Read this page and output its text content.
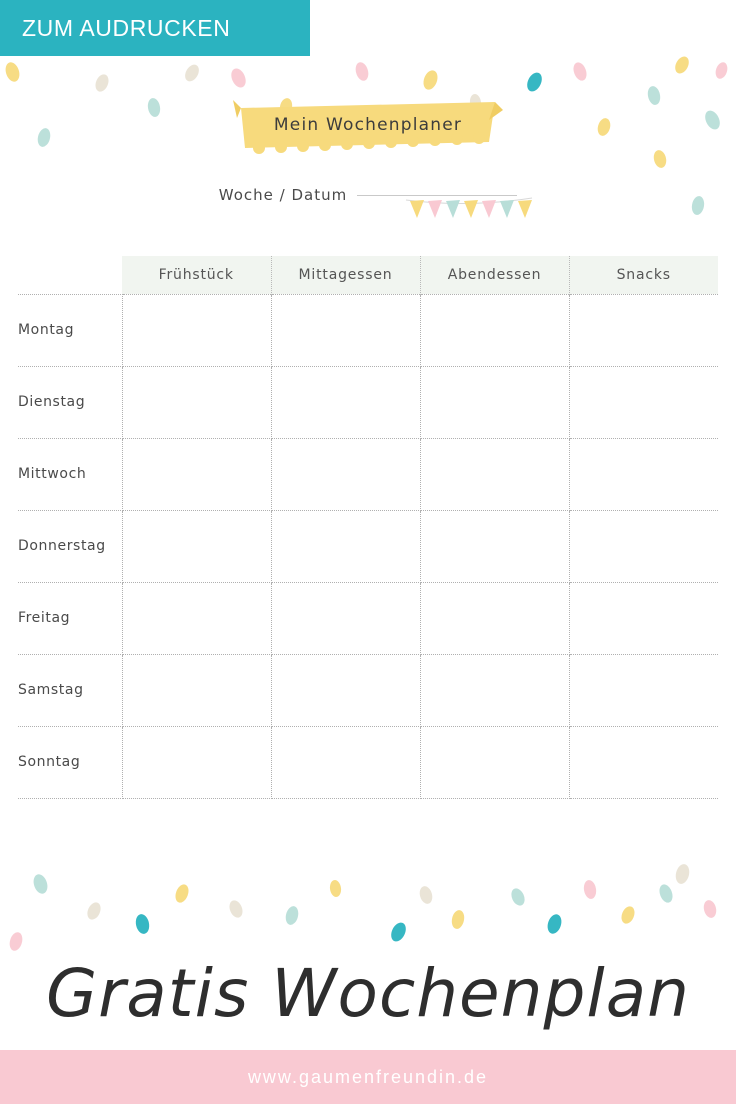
ZUM AUDRUCKEN
Mein Wochenplaner
Woche / Datum
	Frühstück	Mittagessen	Abendessen	Snacks
Montag				
Dienstag				
Mittwoch				
Donnerstag				
Freitag				
Samstag				
Sonntag				
Gratis Wochenplan
www.gaumenfreundin.de
